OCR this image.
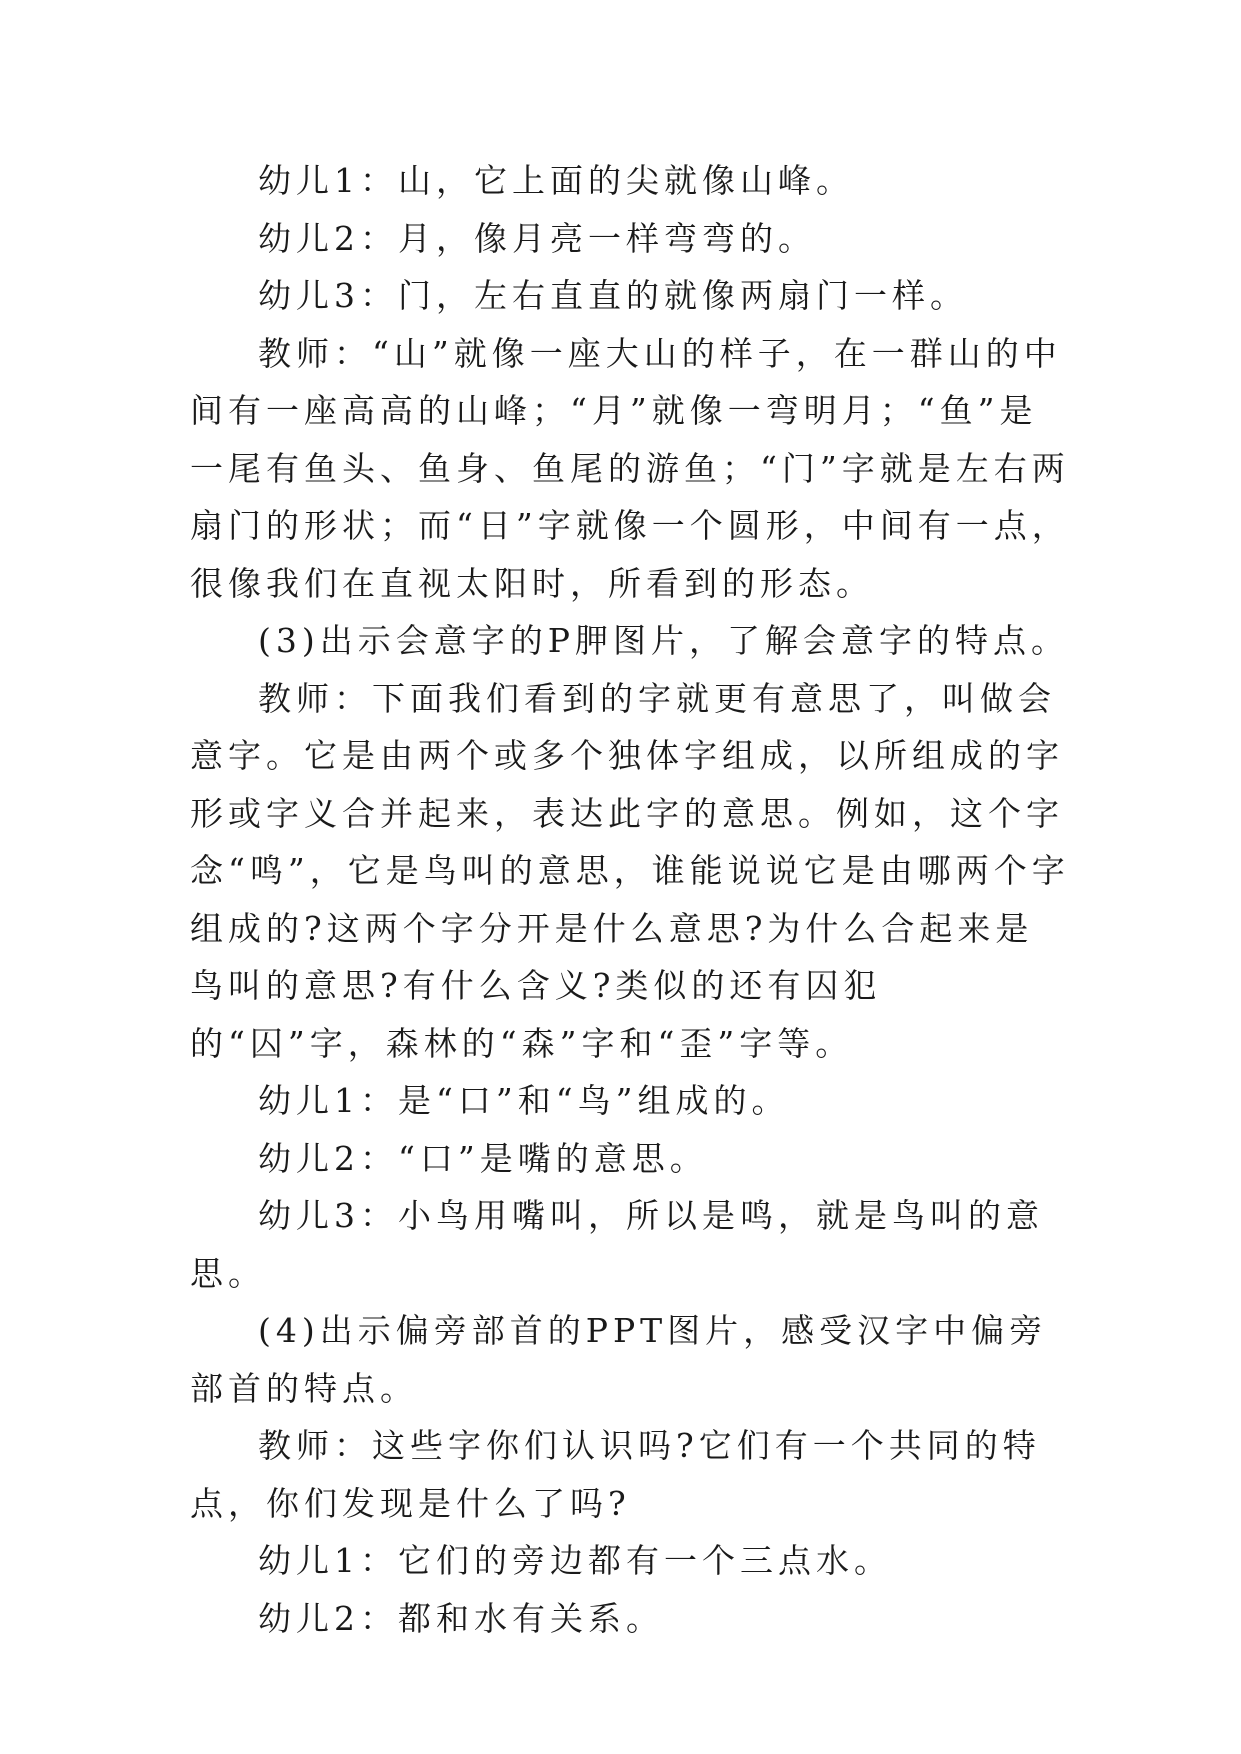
幼儿1：山，它上面的尖就像山峰。

幼儿2：月，像月亮一样弯弯的。

幼儿3：门，左右直直的就像两扇门一样。

教师：“山”就像一座大山的样子，在一群山的中间有一座高高的山峰；“月”就像一弯明月；“鱼”是一尾有鱼头、鱼身、鱼尾的游鱼；“门”字就是左右两扇门的形状；而“日”字就像一个圆形，中间有一点，很像我们在直视太阳时，所看到的形态。

(3)出示会意字的P胛图片，了解会意字的特点。

教师：下面我们看到的字就更有意思了，叫做会意字。它是由两个或多个独体字组成，以所组成的字形或字义合并起来，表达此字的意思。例如，这个字念“鸣”，它是鸟叫的意思，谁能说说它是由哪两个字组成的?这两个字分开是什么意思?为什么合起来是鸟叫的意思?有什么含义?类似的还有囚犯的“囚”字，森林的“森”字和“歪”字等。

幼儿1：是“口”和“鸟”组成的。

幼儿2：“口”是嘴的意思。

幼儿3：小鸟用嘴叫，所以是鸣，就是鸟叫的意思。

(4)出示偏旁部首的PPT图片，感受汉字中偏旁部首的特点。

教师：这些字你们认识吗?它们有一个共同的特点，你们发现是什么了吗?

幼儿1：它们的旁边都有一个三点水。

幼儿2：都和水有关系。
